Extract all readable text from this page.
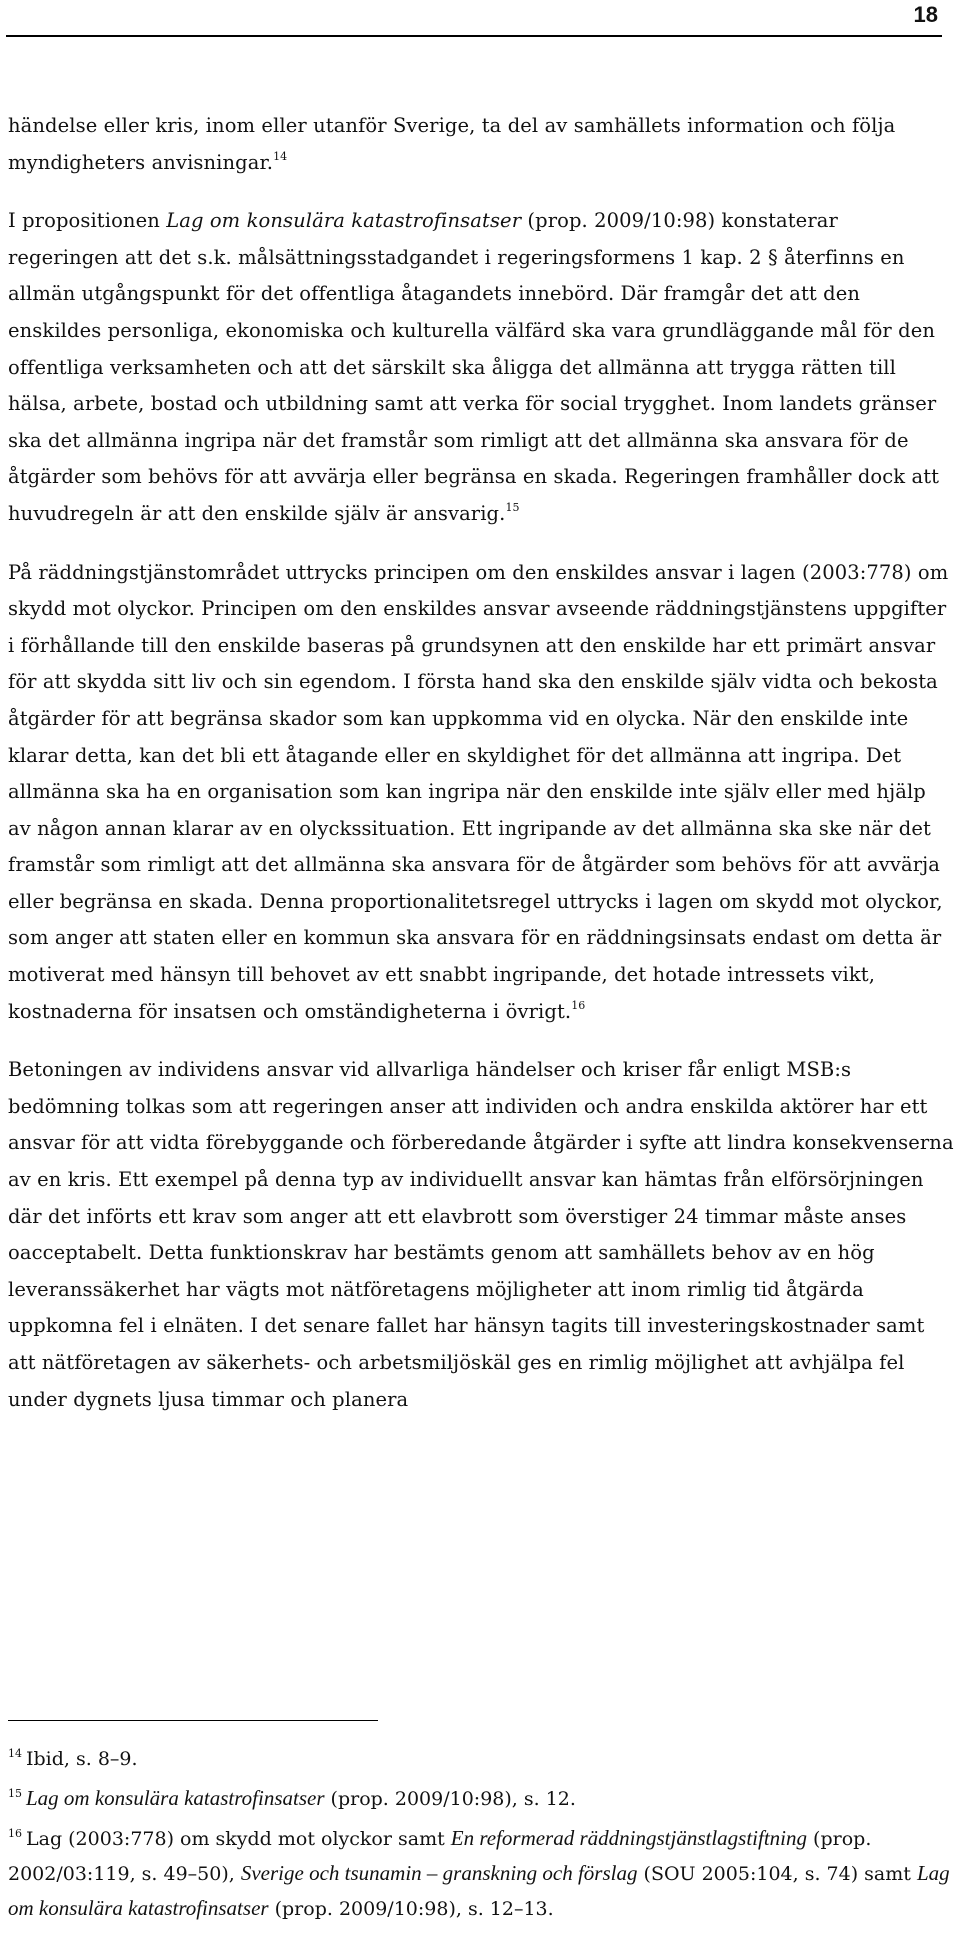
18

händelse eller kris, inom eller utanför Sverige, ta del av samhällets information och följa myndigheters anvisningar.$^{14}$

I propositionen Lag om konsulära katastrofinsatser (prop. 2009/10:98) konstaterar regeringen att det s.k. målsättningsstadgandet i regeringsformens 1 kap. 2 § återfinns en allmän utgångspunkt för det offentliga åtagandets innebörd. Där framgår det att den enskildes personliga, ekonomiska och kulturella välfärd ska vara grundläggande mål för den offentliga verksamheten och att det särskilt ska åligga det allmänna att trygga rätten till hälsa, arbete, bostad och utbildning samt att verka för social trygghet. Inom landets gränser ska det allmänna ingripa när det framstår som rimligt att det allmänna ska ansvara för de åtgärder som behövs för att avvärja eller begränsa en skada. Regeringen framhåller dock att huvudregeln är att den enskilde själv är ansvarig.$^{15}$

På räddningstjänstområdet uttrycks principen om den enskildes ansvar i lagen (2003:778) om skydd mot olyckor. Principen om den enskildes ansvar avseende räddningstjänstens uppgifter i förhållande till den enskilde baseras på grundsynen att den enskilde har ett primärt ansvar för att skydda sitt liv och sin egendom. I första hand ska den enskilde själv vidta och bekosta åtgärder för att begränsa skador som kan uppkomma vid en olycka. När den enskilde inte klarar detta, kan det bli ett åtagande eller en skyldighet för det allmänna att ingripa. Det allmänna ska ha en organisation som kan ingripa när den enskilde inte själv eller med hjälp av någon annan klarar av en olyckssituation. Ett ingripande av det allmänna ska ske när det framstår som rimligt att det allmänna ska ansvara för de åtgärder som behövs för att avvärja eller begränsa en skada. Denna proportionalitetsregel uttrycks i lagen om skydd mot olyckor, som anger att staten eller en kommun ska ansvara för en räddningsinsats endast om detta är motiverat med hänsyn till behovet av ett snabbt ingripande, det hotade intressets vikt, kostnaderna för insatsen och omständigheterna i övrigt.$^{16}$

Betoningen av individens ansvar vid allvarliga händelser och kriser får enligt MSB:s bedömning tolkas som att regeringen anser att individen och andra enskilda aktörer har ett ansvar för att vidta förebyggande och förberedande åtgärder i syfte att lindra konsekvenserna av en kris. Ett exempel på denna typ av individuellt ansvar kan hämtas från elförsörjningen där det införts ett krav som anger att ett elavbrott som överstiger 24 timmar måste anses oacceptabelt. Detta funktionskrav har bestämts genom att samhällets behov av en hög leveranssäkerhet har vägts mot nätföretagens möjligheter att inom rimlig tid åtgärda uppkomna fel i elnäten. I det senare fallet har hänsyn tagits till investeringskostnader samt att nätföretagen av säkerhets- och arbetsmiljöskäl ges en rimlig möjlighet att avhjälpa fel under dygnets ljusa timmar och planera

$^{14}$ Ibid, s. 8–9.

$^{15}$ Lag om konsulära katastrofinsatser (prop. 2009/10:98), s. 12.

$^{16}$ Lag (2003:778) om skydd mot olyckor samt En reformerad räddningstjänstlagstiftning (prop. 2002/03:119, s. 49–50), Sverige och tsunamin – granskning och förslag (SOU 2005:104, s. 74) samt Lag om konsulära katastrofinsatser (prop. 2009/10:98), s. 12–13.
